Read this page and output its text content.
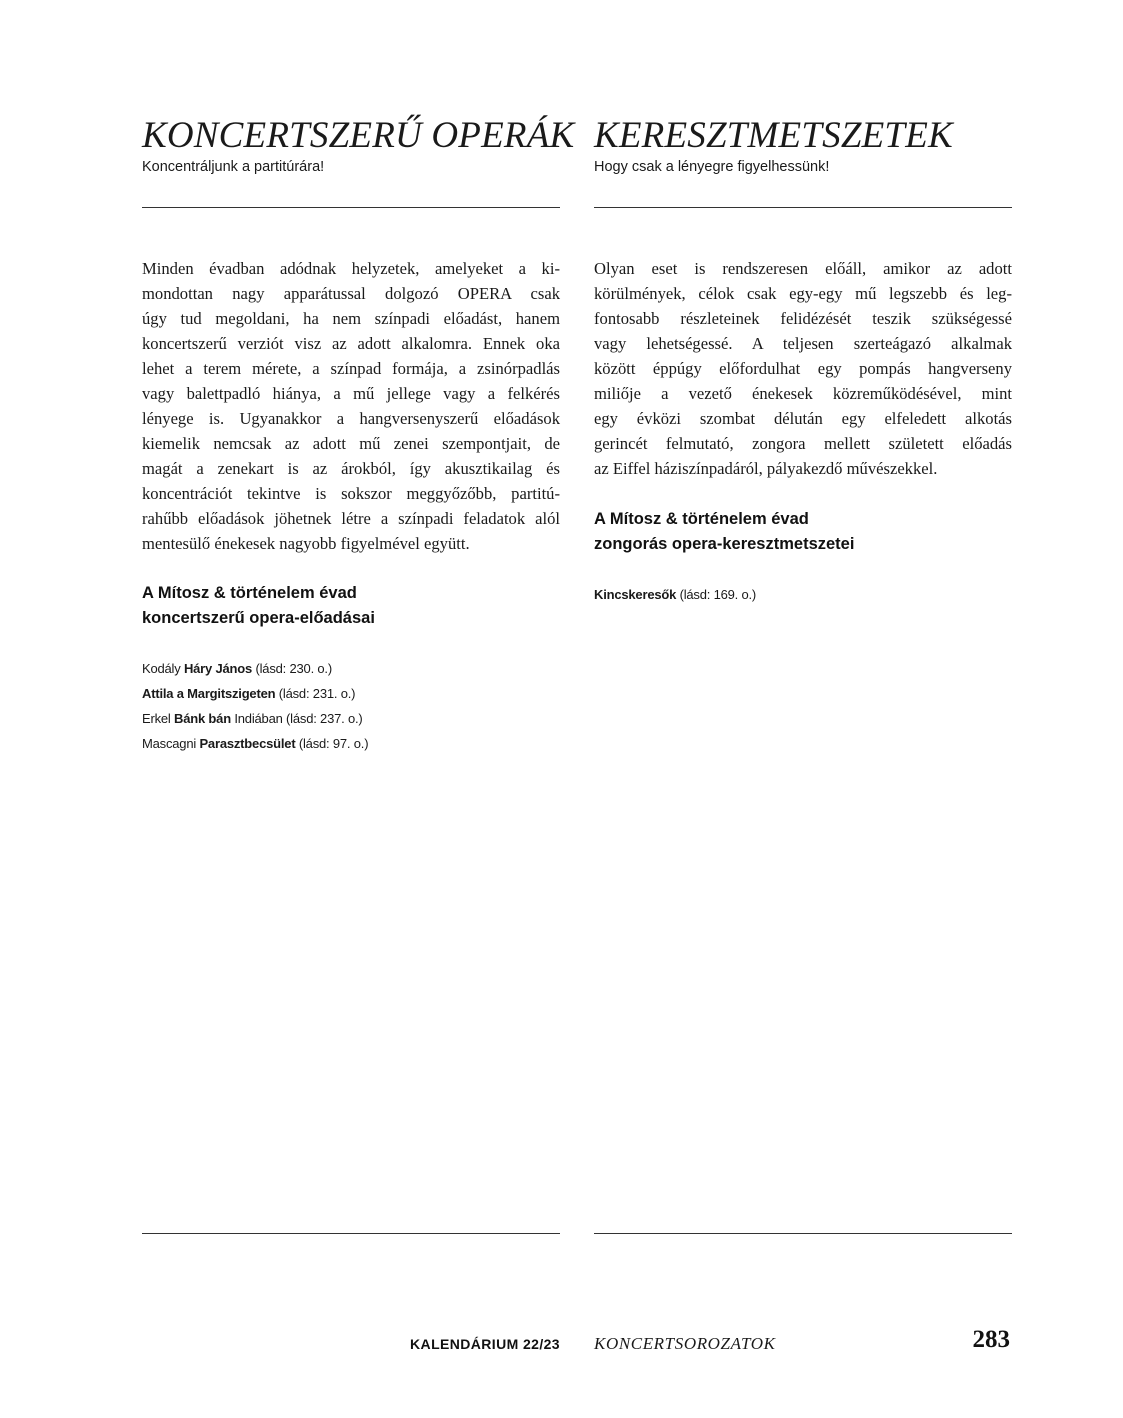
KONCERTSZERŰ OPERÁK

Koncentráljunk a partitúrára!

Minden évadban adódnak helyzetek, amelyeket a ki-
mondottan nagy apparátussal dolgozó OPERA csak
úgy tud megoldani, ha nem színpadi előadást, hanem
koncertszerű verziót visz az adott alkalomra. Ennek oka
lehet a terem mérete, a színpad formája, a zsinórpadlás
vagy balettpadló hiánya, a mű jellege vagy a felkérés
lényege is. Ugyanakkor a hangversenyszerű előadások
kiemelik nemcsak az adott mű zenei szempontjait, de
magát a zenekart is az árokból, így akusztikailag és
koncentrációt tekintve is sokszor meggyőzőbb, partitú-
rahűbb előadások jöhetnek létre a színpadi feladatok alól
mentesülő énekesek nagyobb figyelmével együtt.

A Mítosz & történelem évad
koncertszerű opera-előadásai
Kodály Háry János (lásd: 230. o.)
Attila a Margitszigeten (lásd: 231. o.)
Erkel Bánk bán Indiában (lásd: 237. o.)
Mascagni Parasztbecsület (lásd: 97. o.)
KERESZTMETSZETEK

Hogy csak a lényegre figyelhessünk!

Olyan eset is rendszeresen előáll, amikor az adott
körülmények, célok csak egy-egy mű legszebb és leg-
fontosabb részleteinek felidézését teszik szükségessé
vagy lehetségessé. A teljesen szerteágazó alkalmak
között éppúgy előfordulhat egy pompás hangverseny
miliője a vezető énekesek közreműködésével, mint
egy évközi szombat délután egy elfeledett alkotás
gerincét felmutató, zongora mellett született előadás
az Eiffel háziszínpadáról, pályakezdő művészekkel.

A Mítosz & történelem évad
zongorás opera-keresztmetszetei
Kincskeresők (lásd: 169. o.)
KALENDÁRIUM 22/23 KONCERTSOROZATOK	283
